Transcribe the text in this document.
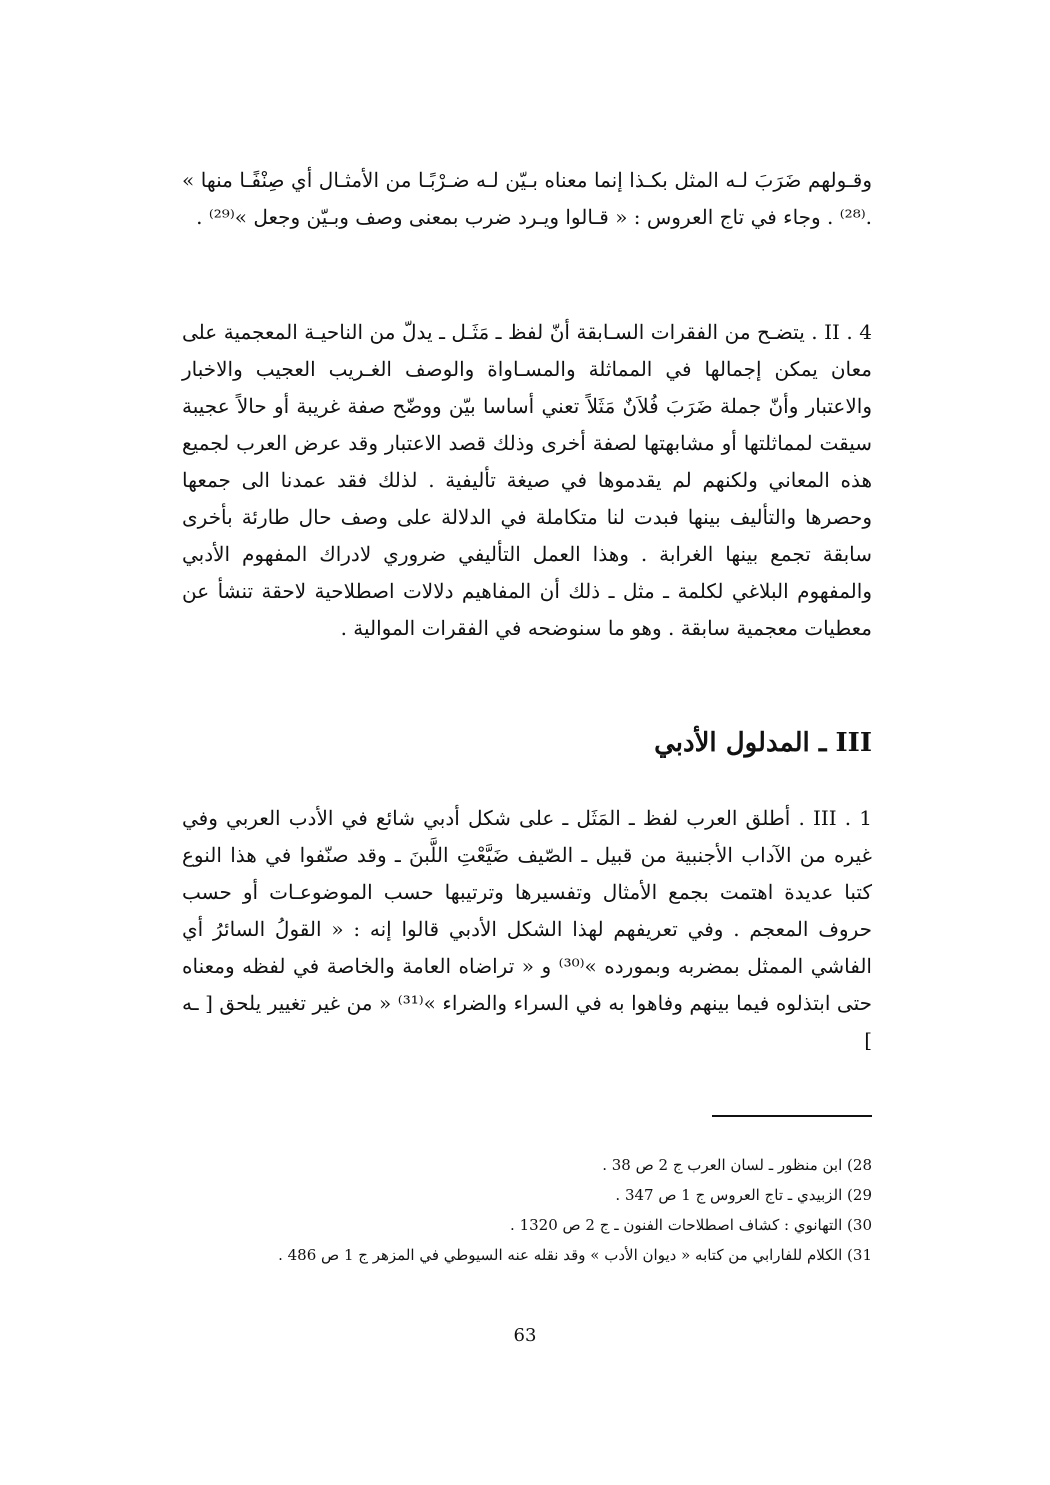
وقـولهم ضَرَبَ لـه المثل بكـذا إنما معناه بـيّن لـه ضـرْبًـا من الأمثـال أي صِنْفًـا منها » .⁽²⁸⁾ . وجاء في تاج العروس : « قـالوا ويـرد ضرب بمعنى وصف وبـيّن وجعل »⁽²⁹⁾ .

II . 4 . يتضـح من الفقرات السـابقة أنّ لفظ ـ مَثَـل ـ يدلّ من الناحيـة المعجمية على معان يمكن إجمالها في المماثلة والمسـاواة والوصف الغـريب العجيب والاخبار والاعتبار وأنّ جملة ضَرَبَ فُلاَنٌ مَثَلاً تعني أساسا بيّن ووضّح صفة غريبة أو حالاً عجيبة سيقت لمماثلتها أو مشابهتها لصفة أخرى وذلك قصد الاعتبار وقد عرض العرب لجميع هذه المعاني ولكنهم لم يقدموها في صيغة تأليفية . لذلك فقد عمدنا الى جمعها وحصرها والتأليف بينها فبدت لنا متكاملة في الدلالة على وصف حال طارئة بأخرى سابقة تجمع بينها الغرابة . وهذا العمل التأليفي ضروري لادراك المفهوم الأدبي والمفهوم البلاغي لكلمة ـ مثل ـ ذلك أن المفاهيم دلالات اصطلاحية لاحقة تنشأ عن معطيات معجمية سابقة . وهو ما سنوضحه في الفقرات الموالية .

III ـ المدلول الأدبي

III . 1 . أطلق العرب لفظ ـ المَثَل ـ على شكل أدبي شائع في الأدب العربي وفي غيره من الآداب الأجنبية من قبيل ـ الصّيف ضَيَّعْتِ اللَّبنَ ـ وقد صنّفوا في هذا النوع كتبا عديدة اهتمت بجمع الأمثال وتفسيرها وترتيبها حسب الموضوعـات أو حسب حروف المعجم . وفي تعريفهم لهذا الشكل الأدبي قالوا إنه : « القولُ السائرُ أي الفاشي الممثل بمضربه وبمورده »⁽³⁰⁾ و « تراضاه العامة والخاصة في لفظه ومعناه حتى ابتذلوه فيما بينهم وفاهوا به في السراء والضراء »⁽³¹⁾ « من غير تغيير يلحق [ ـه ]

28) ابن منظور ـ لسان العرب ج 2 ص 38 .
29) الزبيدي ـ تاج العروس ج 1 ص 347 .
30) التهانوي : كشاف اصطلاحات الفنون ـ ج 2 ص 1320 .
31) الكلام للفارابي من كتابه « ديوان الأدب » وقد نقله عنه السيوطي في المزهر ج 1 ص 486 .
63
